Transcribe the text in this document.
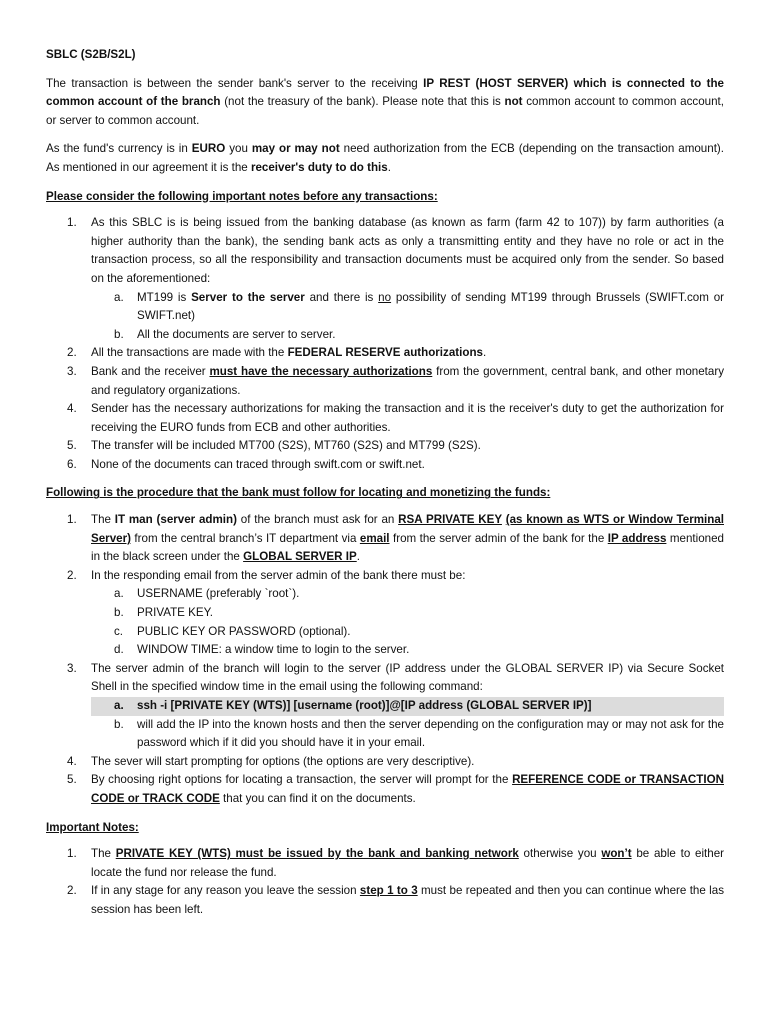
SBLC (S2B/S2L)

The transaction is between the sender bank's server to the receiving IP REST (HOST SERVER) which is connected to the common account of the branch (not the treasury of the bank). Please note that this is not common account to common account, or server to common account.

As the fund's currency is in EURO you may or may not need authorization from the ECB (depending on the transaction amount). As mentioned in our agreement it is the receiver's duty to do this.

Please consider the following important notes before any transactions:

1. As this SBLC is is being issued from the banking database (as known as farm (farm 42 to 107)) by farm authorities (a higher authority than the bank), the sending bank acts as only a transmitting entity and they have no role or act in the transaction process, so all the responsibility and transaction documents must be acquired only from the sender. So based on the aforementioned:
a. MT199 is Server to the server and there is no possibility of sending MT199 through Brussels (SWIFT.com or SWIFT.net)
b. All the documents are server to server.
2. All the transactions are made with the FEDERAL RESERVE authorizations.
3. Bank and the receiver must have the necessary authorizations from the government, central bank, and other monetary and regulatory organizations.
4. Sender has the necessary authorizations for making the transaction and it is the receiver's duty to get the authorization for receiving the EURO funds from ECB and other authorities.
5. The transfer will be included MT700 (S2S), MT760 (S2S) and MT799 (S2S).
6. None of the documents can traced through swift.com or swift.net.

Following is the procedure that the bank must follow for locating and monetizing the funds:

1. The IT man (server admin) of the branch must ask for an RSA PRIVATE KEY (as known as WTS or Window Terminal Server) from the central branch’s IT department via email from the server admin of the bank for the IP address mentioned in the black screen under the GLOBAL SERVER IP.
2. In the responding email from the server admin of the bank there must be:
a. USERNAME (preferably `root`).
b. PRIVATE KEY.
c. PUBLIC KEY OR PASSWORD (optional).
d. WINDOW TIME: a window time to login to the server.
3. The server admin of the branch will login to the server (IP address under the GLOBAL SERVER IP) via Secure Socket Shell in the specified window time in the email using the following command:
a. ssh -i [PRIVATE KEY (WTS)] [username (root)]@[IP address (GLOBAL SERVER IP)]
b. will add the IP into the known hosts and then the server depending on the configuration may or may not ask for the password which if it did you should have it in your email.
4. The sever will start prompting for options (the options are very descriptive).
5. By choosing right options for locating a transaction, the server will prompt for the REFERENCE CODE or TRANSACTION CODE or TRACK CODE that you can find it on the documents.

Important Notes:

1. The PRIVATE KEY (WTS) must be issued by the bank and banking network otherwise you won’t be able to either locate the fund nor release the fund.
2. If in any stage for any reason you leave the session step 1 to 3 must be repeated and then you can continue where the las session has been left.
